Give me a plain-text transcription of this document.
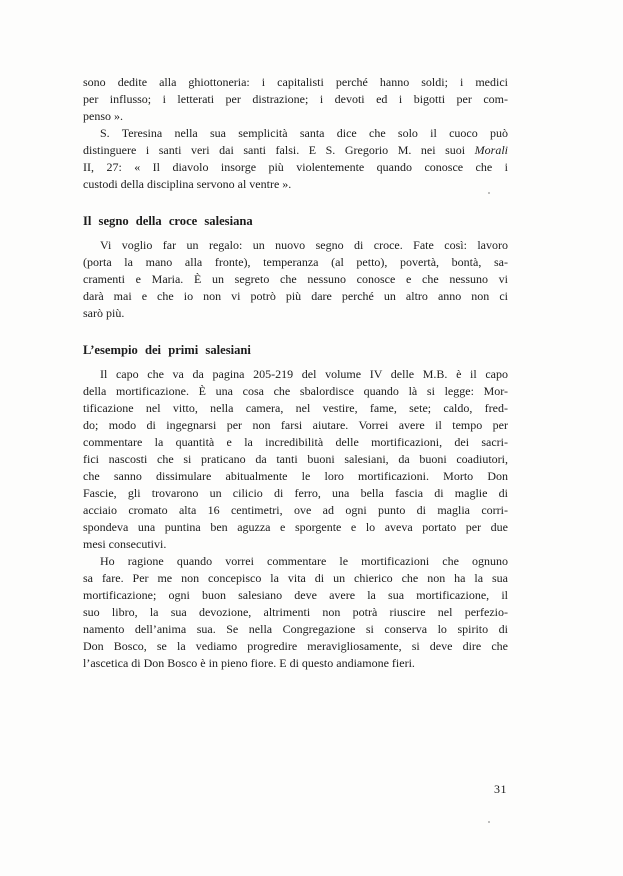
sono dedite alla ghiottoneria: i capitalisti perché hanno soldi; i medici
per influsso; i letterati per distrazione; i devoti ed i bigotti per com-
penso ».
S. Teresina nella sua semplicità santa dice che solo il cuoco può
distinguere i santi veri dai santi falsi. E S. Gregorio M. nei suoi Morali
II, 27: « Il diavolo insorge più violentemente quando conosce che i
custodi della disciplina servono al ventre ».
Il segno della croce salesiana
Vi voglio far un regalo: un nuovo segno di croce. Fate così: lavoro
(porta la mano alla fronte), temperanza (al petto), povertà, bontà, sa-
cramenti e Maria. È un segreto che nessuno conosce e che nessuno vi
darà mai e che io non vi potrò più dare perché un altro anno non ci
sarò più.
L’esempio dei primi salesiani
Il capo che va da pagina 205-219 del volume IV delle M.B. è il capo
della mortificazione. È una cosa che sbalordisce quando là si legge: Mor-
tificazione nel vitto, nella camera, nel vestire, fame, sete; caldo, fred-
do; modo di ingegnarsi per non farsi aiutare. Vorrei avere il tempo per
commentare la quantità e la incredibilità delle mortificazioni, dei sacri-
fici nascosti che si praticano da tanti buoni salesiani, da buoni coadiutori,
che sanno dissimulare abitualmente le loro mortificazioni. Morto Don
Fascie, gli trovarono un cilicio di ferro, una bella fascia di maglie di
acciaio cromato alta 16 centimetri, ove ad ogni punto di maglia corri-
spondeva una puntina ben aguzza e sporgente e lo aveva portato per due
mesi consecutivi.
Ho ragione quando vorrei commentare le mortificazioni che ognuno
sa fare. Per me non concepisco la vita di un chierico che non ha la sua
mortificazione; ogni buon salesiano deve avere la sua mortificazione, il
suo libro, la sua devozione, altrimenti non potrà riuscire nel perfezio-
namento dell’anima sua. Se nella Congregazione si conserva lo spirito di
Don Bosco, se la vediamo progredire meravigliosamente, si deve dire che
l’ascetica di Don Bosco è in pieno fiore. E di questo andiamone fieri.
31
